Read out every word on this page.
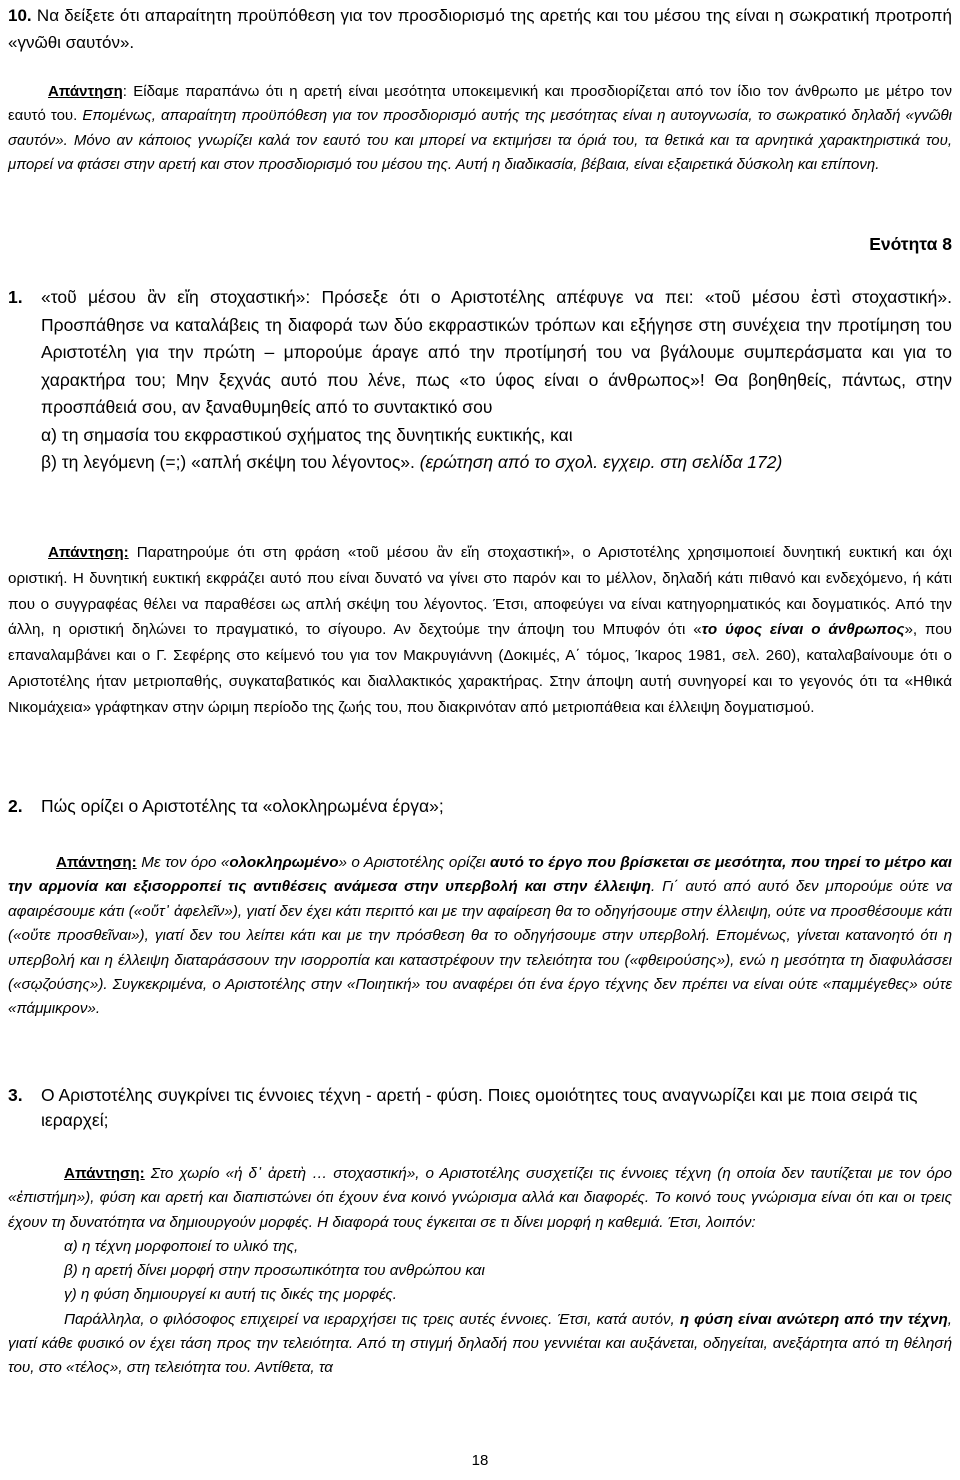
10. Να δείξετε ότι απαραίτητη προϋπόθεση για τον προσδιορισμό της αρετής και του μέσου της είναι η σωκρατική προτροπή «γνῶθι σαυτόν».

Απάντηση: Είδαμε παραπάνω ότι η αρετή είναι μεσότητα υποκειμενική και προσδιορίζεται από τον ίδιο τον άνθρωπο με μέτρο τον εαυτό του. Επομένως, απαραίτητη προϋπόθεση για τον προσδιορισμό αυτής της μεσότητας είναι η αυτογνωσία, το σωκρατικό δηλαδή «γνῶθι σαυτόν». Μόνο αν κάποιος γνωρίζει καλά τον εαυτό του και μπορεί να εκτιμήσει τα όριά του, τα θετικά και τα αρνητικά χαρακτηριστικά του, μπορεί να φτάσει στην αρετή και στον προσδιορισμό του μέσου της. Αυτή η διαδικασία, βέβαια, είναι εξαιρετικά δύσκολη και επίπονη.

Ενότητα 8
1. «τοῦ μέσου ἂν εἴη στοχαστική»: Πρόσεξε ότι ο Αριστοτέλης απέφυγε να πει: «τοῦ μέσου ἐστὶ στοχαστική». Προσπάθησε να καταλάβεις τη διαφορά των δύο εκφραστικών τρόπων και εξήγησε στη συνέχεια την προτίμηση του Αριστοτέλη για την πρώτη – μπορούμε άραγε από την προτίμησή του να βγάλουμε συμπεράσματα και για το χαρακτήρα του; Μην ξεχνάς αυτό που λένε, πως «το ύφος είναι ο άνθρωπος»! Θα βοηθηθείς, πάντως, στην προσπάθειά σου, αν ξαναθυμηθείς από το συντακτικό σου
α) τη σημασία του εκφραστικού σχήματος της δυνητικής ευκτικής, και
β) τη λεγόμενη (=;) «απλή σκέψη του λέγοντος». (ερώτηση από το σχολ. εγχειρ. στη σελίδα 172)

Απάντηση: Παρατηρούμε ότι στη φράση «τοῦ μέσου ἂν εἴη στοχαστική», ο Αριστοτέλης χρησιμοποιεί δυνητική ευκτική και όχι οριστική. Η δυνητική ευκτική εκφράζει αυτό που είναι δυνατό να γίνει στο παρόν και το μέλλον, δηλαδή κάτι πιθανό και ενδεχόμενο, ή κάτι που ο συγγραφέας θέλει να παραθέσει ως απλή σκέψη του λέγοντος. Έτσι, αποφεύγει να είναι κατηγορηματικός και δογματικός. Από την άλλη, η οριστική δηλώνει το πραγματικό, το σίγουρο. Αν δεχτούμε την άποψη του Μπυφόν ότι «το ύφος είναι ο άνθρωπος», που επαναλαμβάνει και ο Γ. Σεφέρης στο κείμενό του για τον Μακρυγιάννη (Δοκιμές, Α΄ τόμος, Ίκαρος 1981, σελ. 260), καταλαβαίνουμε ότι ο Αριστοτέλης ήταν μετριοπαθής, συγκαταβατικός και διαλλακτικός χαρακτήρας. Στην άποψη αυτή συνηγορεί και το γεγονός ότι τα «Ηθικά Νικομάχεια» γράφτηκαν στην ώριμη περίοδο της ζωής του, που διακρινόταν από μετριοπάθεια και έλλειψη δογματισμού.

2. Πώς ορίζει ο Αριστοτέλης τα «ολοκληρωμένα έργα»;

Απάντηση: Με τον όρο «ολοκληρωμένο» ο Αριστοτέλης ορίζει αυτό το έργο που βρίσκεται σε μεσότητα, που τηρεί το μέτρο και την αρμονία και εξισορροπεί τις αντιθέσεις ανάμεσα στην υπερβολή και στην έλλειψη. Γι΄ αυτό από αυτό δεν μπορούμε ούτε να αφαιρέσουμε κάτι («οὔτ᾽ ἀφελεῖν»), γιατί δεν έχει κάτι περιττό και με την αφαίρεση θα το οδηγήσουμε στην έλλειψη, ούτε να προσθέσουμε κάτι («οὔτε προσθεῖναι»), γιατί δεν του λείπει κάτι και με την πρόσθεση θα το οδηγήσουμε στην υπερβολή. Επομένως, γίνεται κατανοητό ότι η υπερβολή και η έλλειψη διαταράσσουν την ισορροπία και καταστρέφουν την τελειότητα του («φθειρούσης»), ενώ η μεσότητα τη διαφυλάσσει («σῳζούσης»). Συγκεκριμένα, ο Αριστοτέλης στην «Ποιητική» του αναφέρει ότι ένα έργο τέχνης δεν πρέπει να είναι ούτε «παμμέγεθες» ούτε «πάμμικρον».

3. Ο Αριστοτέλης συγκρίνει τις έννοιες τέχνη - αρετή - φύση. Ποιες ομοιότητες τους αναγνωρίζει και με ποια σειρά τις ιεραρχεί;

Απάντηση: Στο χωρίο «ἡ δ᾽ ἀρετὴ … στοχαστική», ο Αριστοτέλης συσχετίζει τις έννοιες τέχνη (η οποία δεν ταυτίζεται με τον όρο «ἐπιστήμη»), φύση και αρετή και διαπιστώνει ότι έχουν ένα κοινό γνώρισμα αλλά και διαφορές. Το κοινό τους γνώρισμα είναι ότι και οι τρεις έχουν τη δυνατότητα να δημιουργούν μορφές. Η διαφορά τους έγκειται σε τι δίνει μορφή η καθεμιά. Έτσι, λοιπόν:

α) η τέχνη μορφοποιεί το υλικό της,
β) η αρετή δίνει μορφή στην προσωπικότητα του ανθρώπου και
γ) η φύση δημιουργεί κι αυτή τις δικές της μορφές.
Παράλληλα, ο φιλόσοφος επιχειρεί να ιεραρχήσει τις τρεις αυτές έννοιες. Έτσι, κατά αυτόν, η φύση είναι ανώτερη από την τέχνη, γιατί κάθε φυσικό ον έχει τάση προς την τελειότητα. Από τη στιγμή δηλαδή που γεννιέται και αυξάνεται, οδηγείται, ανεξάρτητα από τη θέλησή του, στο «τέλος», στη τελειότητα του. Αντίθετα, τα
18
